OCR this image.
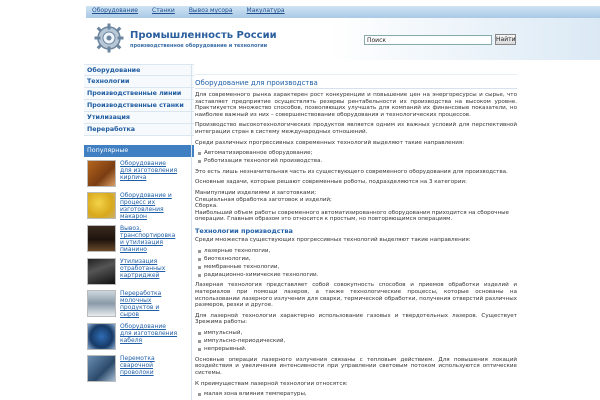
Оборудование Станки Вывоз мусора Макулатура
Промышленность России
производственное оборудование и технологии
Поиск
Найти
Оборудование
Технологии
Производственные линии
Производственные станки
Утилизация
Переработка
Популярные
Оборудование для изготовления кирпича
Оборудование и процесс их изготовления макарон
Вывоз, транспортировка и утилизация пианино
Утилизация отработанных картриджей
Переработка молочных продуктов и сыров
Оборудование для изготовления кабеля
Перемотка сварочной проволоки
Оборудование для производства

Для современного рынка характерен рост конкуренции и повышение цен на энергоресурсы и сырье, что заставляет предприятие осуществлять резервы рентабельности их производства на высоком уровне. Практикуется множество способов, позволяющих улучшать для компаний их финансовые показатели, но наиболее важный из них – совершенствование оборудования и технологических процессов.

Производство высокотехнологических продуктов является одним из важных условий для перспективной интеграции стран в систему международных отношений.

Среди различных прогрессивных современных технологий выделяют такие направления:

Автоматизированное оборудование;
Роботизация технологий производства.

Это есть лишь незначительная часть из существующего современного оборудования для производства.

Основные задачи, которые решают современные роботы, подразделяются на 3 категории:

Манипуляции изделиями и заготовками;
Специальная обработка заготовок и изделий;
Сборка.
Наибольший объем работы современного автоматизированного оборудования приходится на сборочные операции. Главным образом это относится к простым, но повторяющимся операциям.
Технологии производства

Среди множества существующих прогрессивных технологий выделяют такие направления:

лазерные технологии,
биотехнологии,
мембранные технологии,
радиационно-химические технологии.

Лазерная технология представляет собой совокупность способов и приемов обработки изделий и материалов при помощи лазеров, а также технологические процессы, которые основаны на использовании лазерного излучения для сварки, термической обработки, получения отверстий различных размеров, резки и другое.

Для лазерной технологии характерно использование газовых и твердотельных лазеров. Существует 3режима работы:

импульсный,
импульсно-периодический,
непрерывный.

Основные операции лазерного излучения связаны с тепловым действием. Для повышения локаций воздействия и увеличения интенсивности при управлении световым потоком используются оптические системы.

К преимуществам лазерной технологии относятся:

малая зона влияния температуры,
